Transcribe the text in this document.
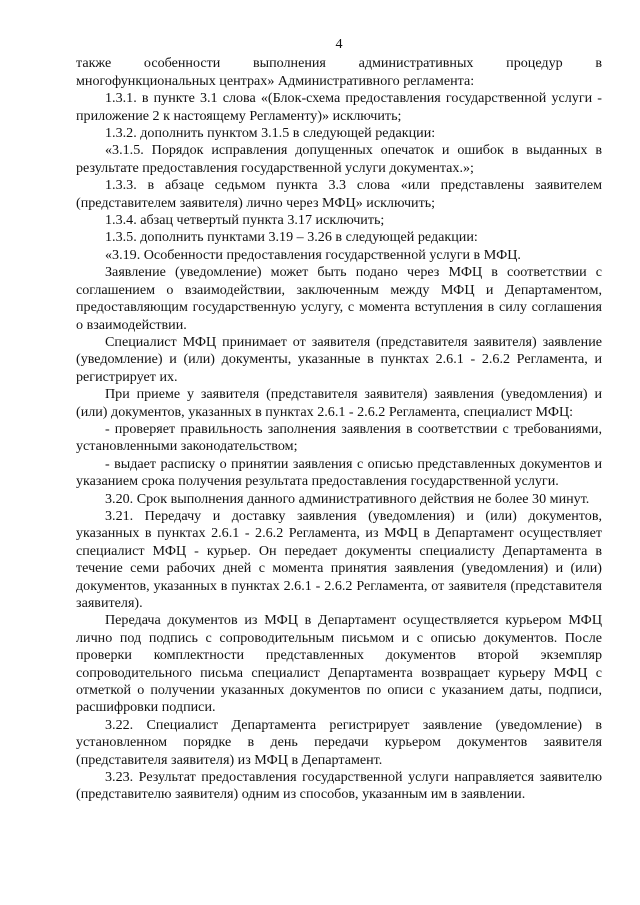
4

также особенности выполнения административных процедур в
многофункциональных центрах» Административного регламента:

1.3.1. в пункте 3.1 слова «(Блок-схема предоставления государственной услуги - приложение 2 к настоящему Регламенту)» исключить;

1.3.2. дополнить пунктом 3.1.5 в следующей редакции:

«3.1.5. Порядок исправления допущенных опечаток и ошибок в выданных в результате предоставления государственной услуги документах.»;

1.3.3. в абзаце седьмом пункта 3.3 слова «или представлены заявителем (представителем заявителя) лично через МФЦ» исключить;

1.3.4. абзац четвертый пункта 3.17 исключить;

1.3.5. дополнить пунктами 3.19 – 3.26 в следующей редакции:

«3.19. Особенности предоставления государственной услуги в МФЦ.

Заявление (уведомление) может быть подано через МФЦ в соответствии с соглашением о взаимодействии, заключенным между МФЦ и Департаментом, предоставляющим государственную услугу, с момента вступления в силу соглашения о взаимодействии.

Специалист МФЦ принимает от заявителя (представителя заявителя) заявление (уведомление) и (или) документы, указанные в пунктах 2.6.1 - 2.6.2 Регламента, и регистрирует их.

При приеме у заявителя (представителя заявителя) заявления (уведомления) и (или) документов, указанных в пунктах 2.6.1 - 2.6.2 Регламента, специалист МФЦ:

- проверяет правильность заполнения заявления в соответствии с требованиями, установленными законодательством;

- выдает расписку о принятии заявления с описью представленных документов и указанием срока получения результата предоставления государственной услуги.

3.20. Срок выполнения данного административного действия не более 30 минут.

3.21. Передачу и доставку заявления (уведомления) и (или) документов, указанных в пунктах 2.6.1 - 2.6.2 Регламента, из МФЦ в Департамент осуществляет специалист МФЦ - курьер. Он передает документы специалисту Департамента в течение семи рабочих дней с момента принятия заявления (уведомления) и (или) документов, указанных в пунктах 2.6.1 - 2.6.2 Регламента, от заявителя (представителя заявителя).

Передача документов из МФЦ в Департамент осуществляется курьером МФЦ лично под подпись с сопроводительным письмом и с описью документов. После проверки комплектности представленных документов второй экземпляр сопроводительного письма специалист Департамента возвращает курьеру МФЦ с отметкой о получении указанных документов по описи с указанием даты, подписи, расшифровки подписи.

3.22. Специалист Департамента регистрирует заявление (уведомление) в установленном порядке в день передачи курьером документов заявителя (представителя заявителя) из МФЦ в Департамент.

3.23. Результат предоставления государственной услуги направляется заявителю (представителю заявителя) одним из способов, указанным им в заявлении.
